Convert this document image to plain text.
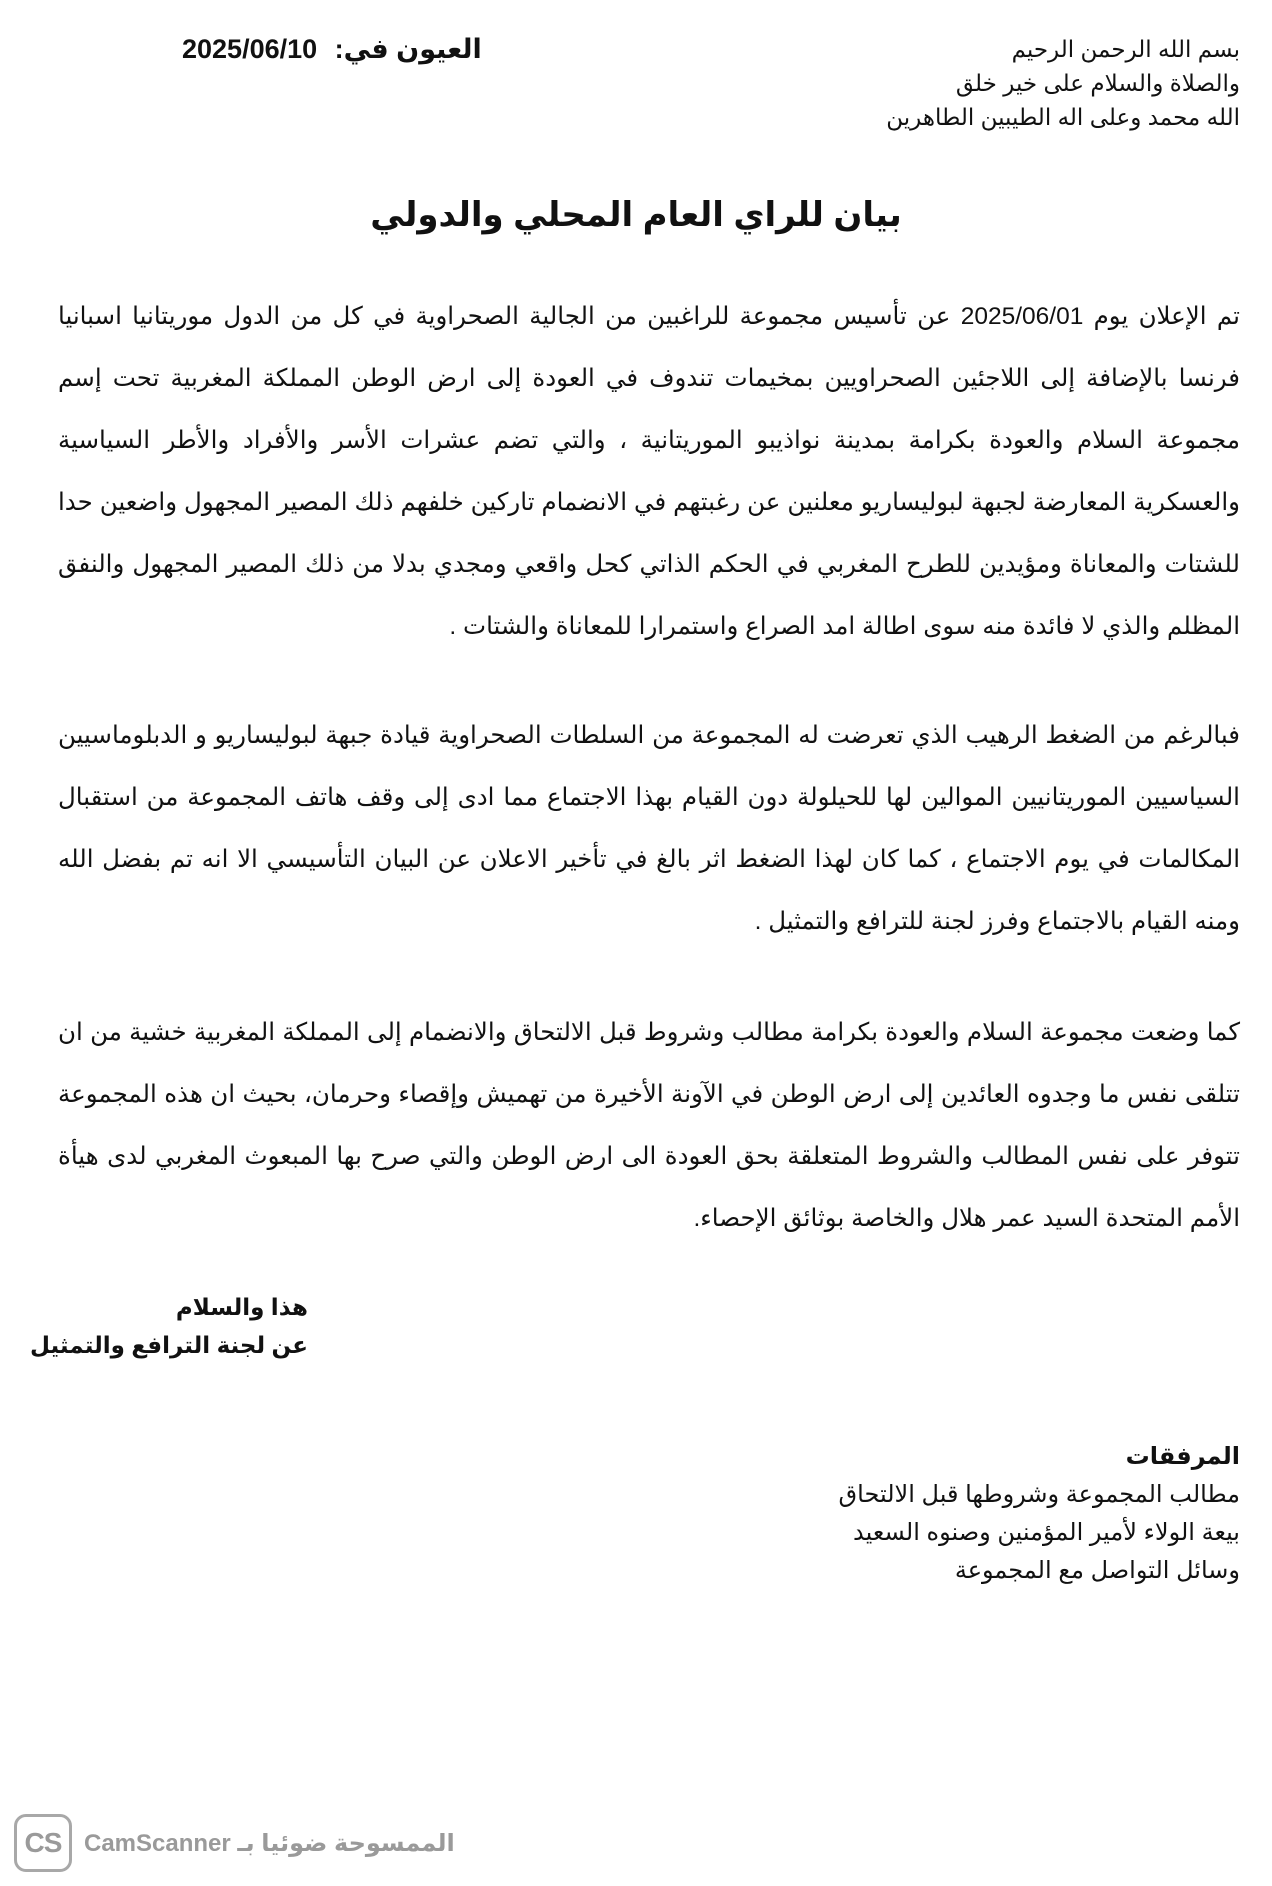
بسم الله الرحمن الرحيم
والصلاة والسلام على خير خلق
الله محمد وعلى اله الطيبين الطاهرين
العيون في: 2025/06/10
بيان للراي العام المحلي والدولي

تم الإعلان يوم 2025/06/01 عن تأسيس مجموعة للراغبين من الجالية الصحراوية في كل من الدول موريتانيا اسبانيا فرنسا بالإضافة إلى اللاجئين الصحراويين بمخيمات تندوف في العودة إلى ارض الوطن المملكة المغربية تحت إسم مجموعة السلام والعودة بكرامة بمدينة نواذيبو الموريتانية ، والتي تضم عشرات الأسر والأفراد والأطر السياسية والعسكرية المعارضة لجبهة لبوليساريو معلنين عن رغبتهم في الانضمام تاركين خلفهم ذلك المصير المجهول واضعين حدا للشتات والمعاناة ومؤيدين للطرح المغربي في الحكم الذاتي كحل واقعي ومجدي بدلا من ذلك المصير المجهول والنفق المظلم والذي لا فائدة منه سوى اطالة امد الصراع واستمرارا للمعاناة والشتات .

فبالرغم من الضغط الرهيب الذي تعرضت له المجموعة من السلطات الصحراوية قيادة جبهة لبوليساريو و الدبلوماسيين السياسيين الموريتانيين الموالين لها للحيلولة دون القيام بهذا الاجتماع مما ادى إلى وقف هاتف المجموعة من استقبال المكالمات في يوم الاجتماع ، كما كان لهذا الضغط اثر بالغ في تأخير الاعلان عن البيان التأسيسي الا انه تم بفضل الله ومنه القيام بالاجتماع وفرز لجنة للترافع والتمثيل .

كما وضعت مجموعة السلام والعودة بكرامة مطالب وشروط قبل الالتحاق والانضمام إلى المملكة المغربية خشية من ان تتلقى نفس ما وجدوه العائدين إلى ارض الوطن في الآونة الأخيرة من تهميش وإقصاء وحرمان، بحيث ان هذه المجموعة تتوفر على نفس المطالب والشروط المتعلقة بحق العودة الى ارض الوطن والتي صرح بها المبعوث المغربي لدى هيأة الأمم المتحدة السيد عمر هلال والخاصة بوثائق الإحصاء.

هذا والسلام
عن لجنة الترافع والتمثيل
المرفقات
مطالب المجموعة وشروطها قبل الالتحاق
بيعة الولاء لأمير المؤمنين وصنوه السعيد
وسائل التواصل مع المجموعة
CS الممسوحة ضوئيا بـ CamScanner
